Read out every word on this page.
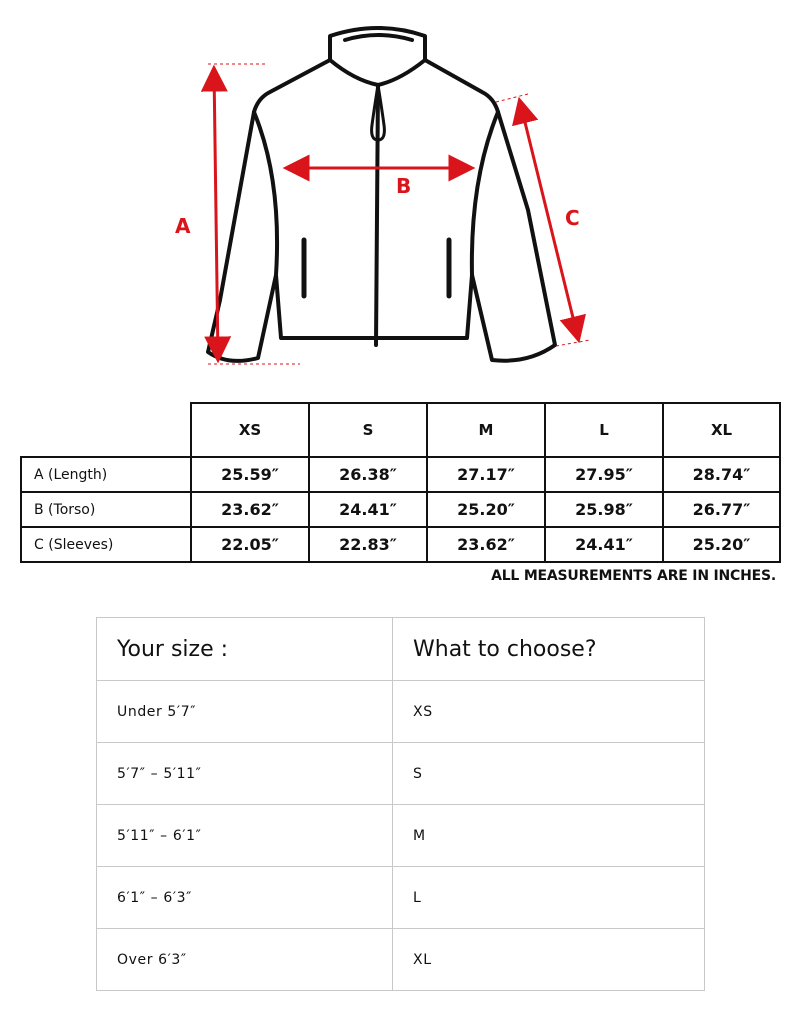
A
B
C
	XS	S	M	L	XL
A (Length)	25.59″	26.38″	27.17″	27.95″	28.74″
B (Torso)	23.62″	24.41″	25.20″	25.98″	26.77″
C (Sleeves)	22.05″	22.83″	23.62″	24.41″	25.20″
ALL MEASUREMENTS ARE IN INCHES.
Your size :	What to choose?
Under 5′7″	XS
5′7″ – 5′11″	S
5′11″ – 6′1″	M
6′1″ – 6′3″	L
Over 6′3″	XL
